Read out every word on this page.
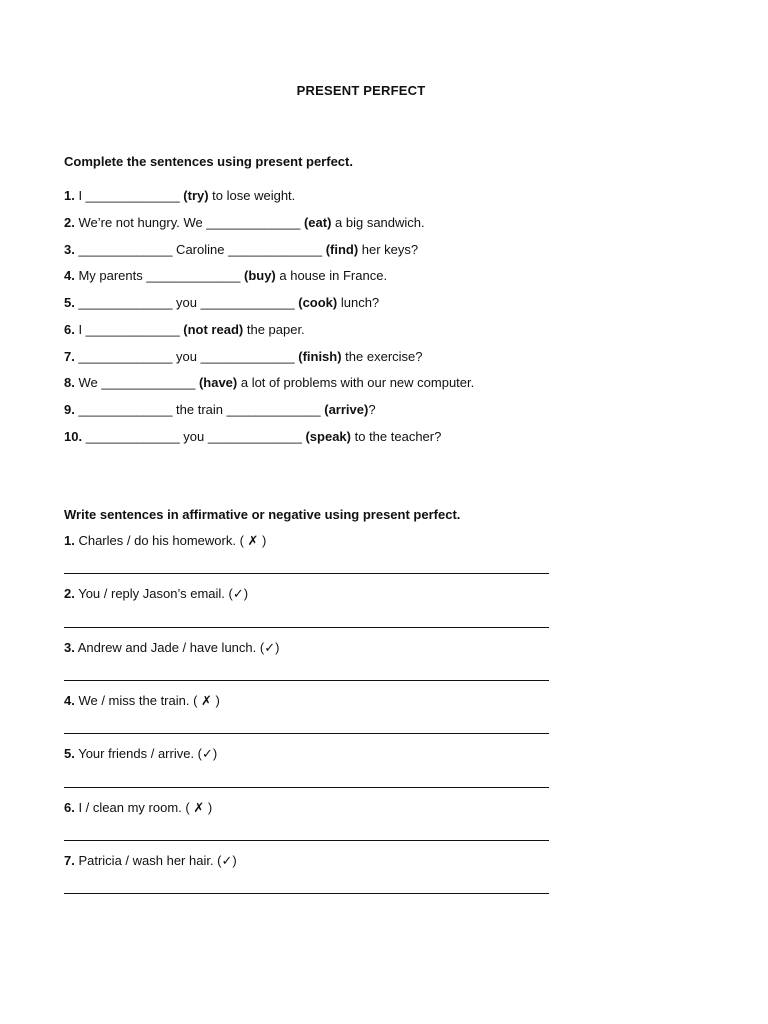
PRESENT PERFECT
Complete the sentences using present perfect.
1. I _____________ (try) to lose weight.
2. We’re not hungry. We _____________ (eat) a big sandwich.
3. _____________ Caroline _____________ (find) her keys?
4. My parents _____________ (buy) a house in France.
5. _____________ you _____________ (cook) lunch?
6. I _____________ (not read) the paper.
7. _____________ you _____________ (finish) the exercise?
8. We _____________ (have) a lot of problems with our new computer.
9. _____________ the train _____________ (arrive)?
10. _____________ you _____________ (speak) to the teacher?
Write sentences in affirmative or negative using present perfect.
1. Charles / do his homework. ( ✗ )
2. You / reply Jason’s email. (✓)
3. Andrew and Jade / have lunch. (✓)
4. We / miss the train. ( ✗ )
5. Your friends / arrive. (✓)
6. I / clean my room. ( ✗ )
7. Patricia / wash her hair. (✓)
